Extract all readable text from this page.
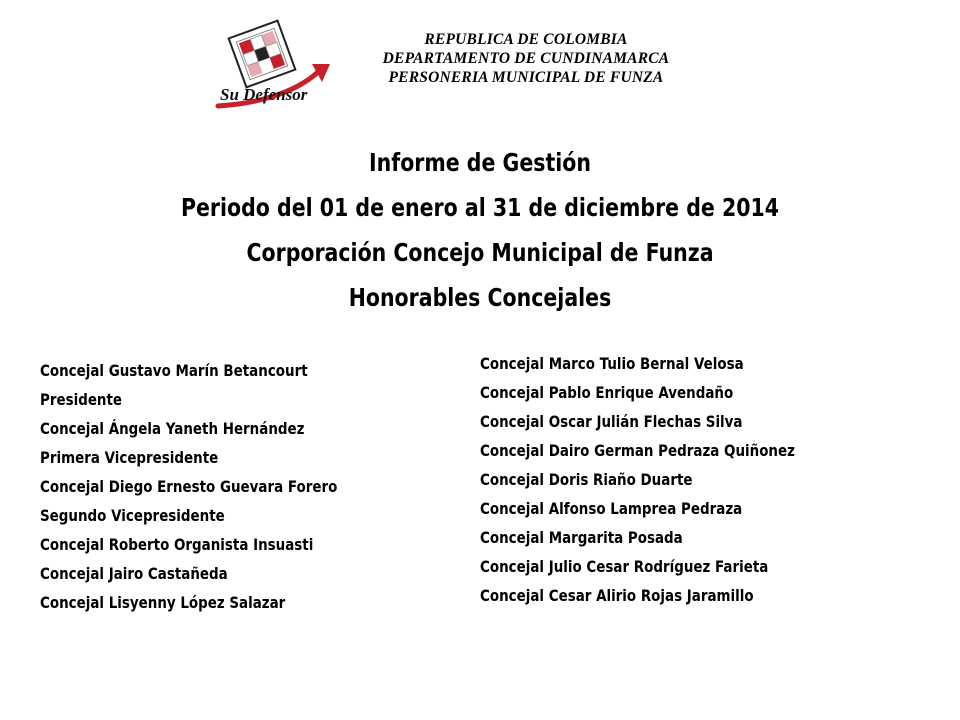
Su Defensor
REPUBLICA DE COLOMBIA
DEPARTAMENTO DE CUNDINAMARCA
PERSONERIA MUNICIPAL DE FUNZA
Informe de Gestión
Periodo del 01 de enero al 31 de diciembre de 2014
Corporación Concejo Municipal de Funza
Honorables Concejales
Concejal Gustavo Marín Betancourt
Presidente
Concejal Ángela Yaneth Hernández
Primera Vicepresidente
Concejal Diego Ernesto Guevara Forero
Segundo Vicepresidente
Concejal Roberto Organista Insuasti
Concejal Jairo Castañeda
Concejal Lisyenny López Salazar
Concejal Marco Tulio Bernal Velosa
Concejal Pablo Enrique Avendaño
Concejal Oscar Julián Flechas Silva
Concejal Dairo German Pedraza Quiñonez
Concejal Doris Riaño Duarte
Concejal Alfonso Lamprea Pedraza
Concejal Margarita Posada
Concejal Julio Cesar Rodríguez Farieta
Concejal Cesar Alirio Rojas Jaramillo
